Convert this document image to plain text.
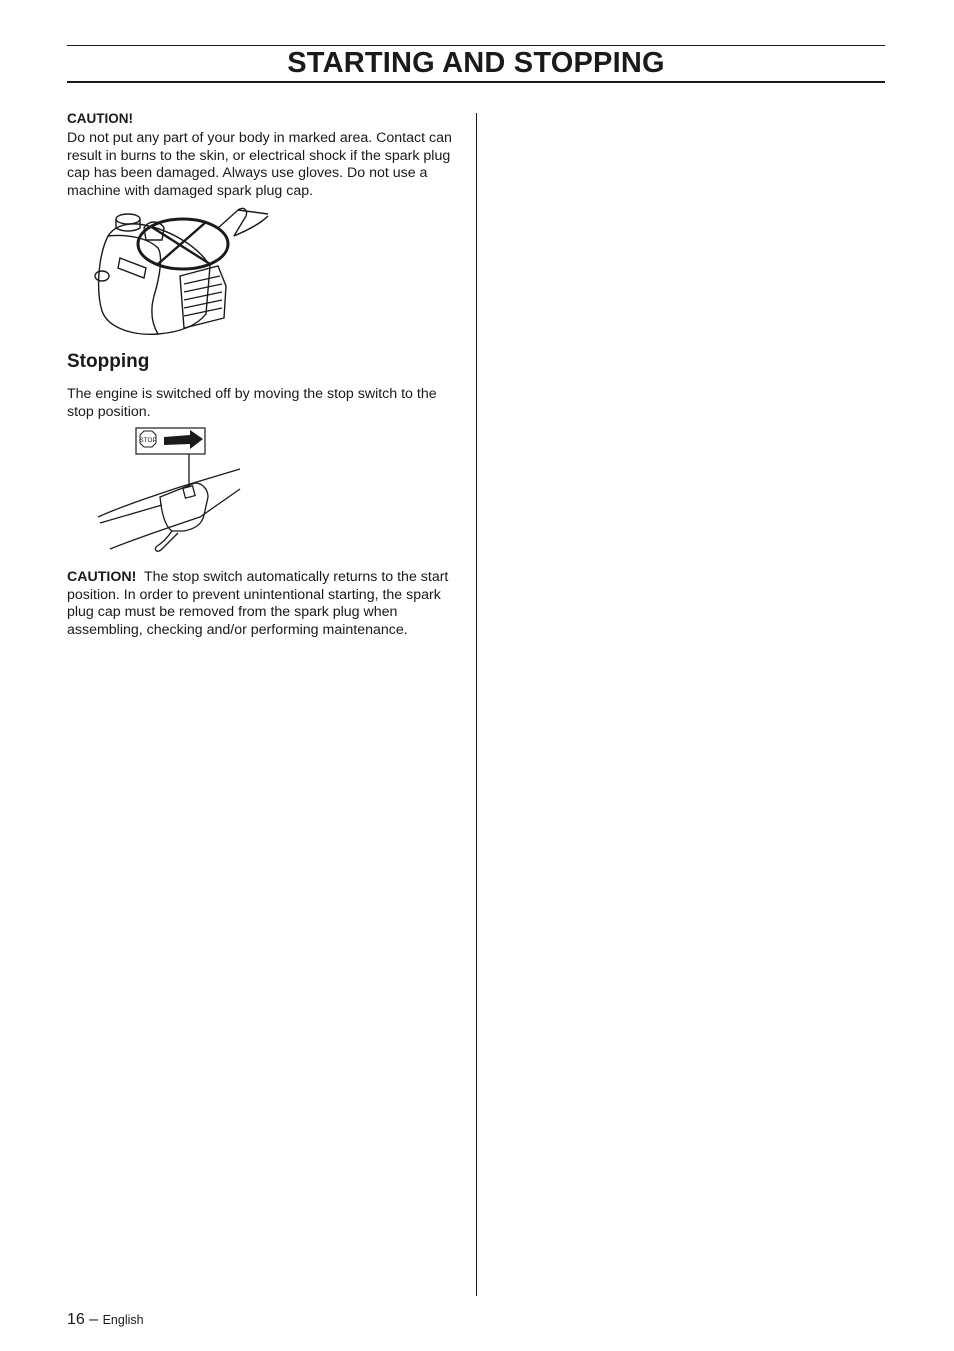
STARTING AND STOPPING
CAUTION!
Do not put any part of your body in marked area. Contact can result in burns to the skin, or electrical shock if the spark plug cap has been damaged. Always use gloves. Do not use a machine with damaged spark plug cap.
Stopping
The engine is switched off by moving the stop switch to the stop position.
STOP
CAUTION! The stop switch automatically returns to the start position. In order to prevent unintentional starting, the spark plug cap must be removed from the spark plug when assembling, checking and/or performing maintenance.
16 – English
